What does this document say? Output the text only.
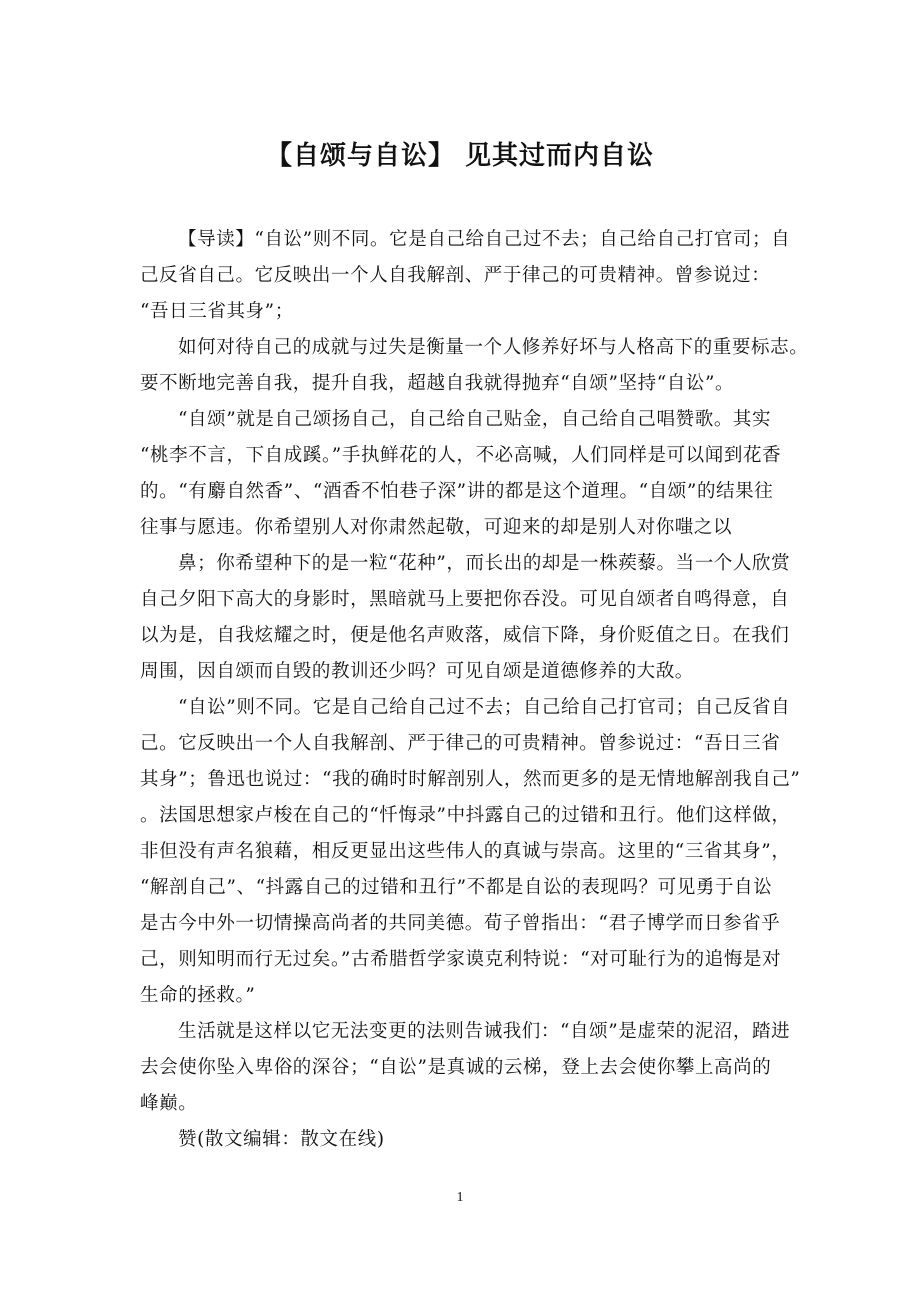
【自颂与自讼】 见其过而内自讼
【导读】“自讼”则不同。它是自己给自己过不去；自己给自己打官司；自
己反省自己。它反映出一个人自我解剖、严于律己的可贵精神。曾参说过：
“吾日三省其身”；
如何对待自己的成就与过失是衡量一个人修养好坏与人格高下的重要标志。
要不断地完善自我，提升自我，超越自我就得抛弃“自颂”坚持“自讼”。
“自颂”就是自己颂扬自己，自己给自己贴金，自己给自己唱赞歌。其实
“桃李不言，下自成蹊。”手执鲜花的人，不必高喊，人们同样是可以闻到花香
的。“有麝自然香”、“酒香不怕巷子深”讲的都是这个道理。“自颂”的结果往
往事与愿违。你希望别人对你肃然起敬，可迎来的却是别人对你嗤之以
鼻；你希望种下的是一粒“花种”，而长出的却是一株蒺藜。当一个人欣赏
自己夕阳下高大的身影时，黑暗就马上要把你吞没。可见自颂者自鸣得意，自
以为是，自我炫耀之时，便是他名声败落，威信下降，身价贬值之日。在我们
周围，因自颂而自毁的教训还少吗？可见自颂是道德修养的大敌。
“自讼”则不同。它是自己给自己过不去；自己给自己打官司；自己反省自
己。它反映出一个人自我解剖、严于律己的可贵精神。曾参说过：“吾日三省
其身”；鲁迅也说过：“我的确时时解剖别人，然而更多的是无情地解剖我自己”
。法国思想家卢梭在自己的“忏悔录”中抖露自己的过错和丑行。他们这样做，
非但没有声名狼藉，相反更显出这些伟人的真诚与崇高。这里的“三省其身”，
“解剖自己”、“抖露自己的过错和丑行”不都是自讼的表现吗？可见勇于自讼
是古今中外一切情操高尚者的共同美德。荀子曾指出：“君子博学而日参省乎
己，则知明而行无过矣。”古希腊哲学家谟克利特说：“对可耻行为的追悔是对
生命的拯救。”
生活就是这样以它无法变更的法则告诫我们：“自颂”是虚荣的泥沼，踏进
去会使你坠入卑俗的深谷；“自讼”是真诚的云梯，登上去会使你攀上高尚的
峰巅。
赞(散文编辑：散文在线)
1
